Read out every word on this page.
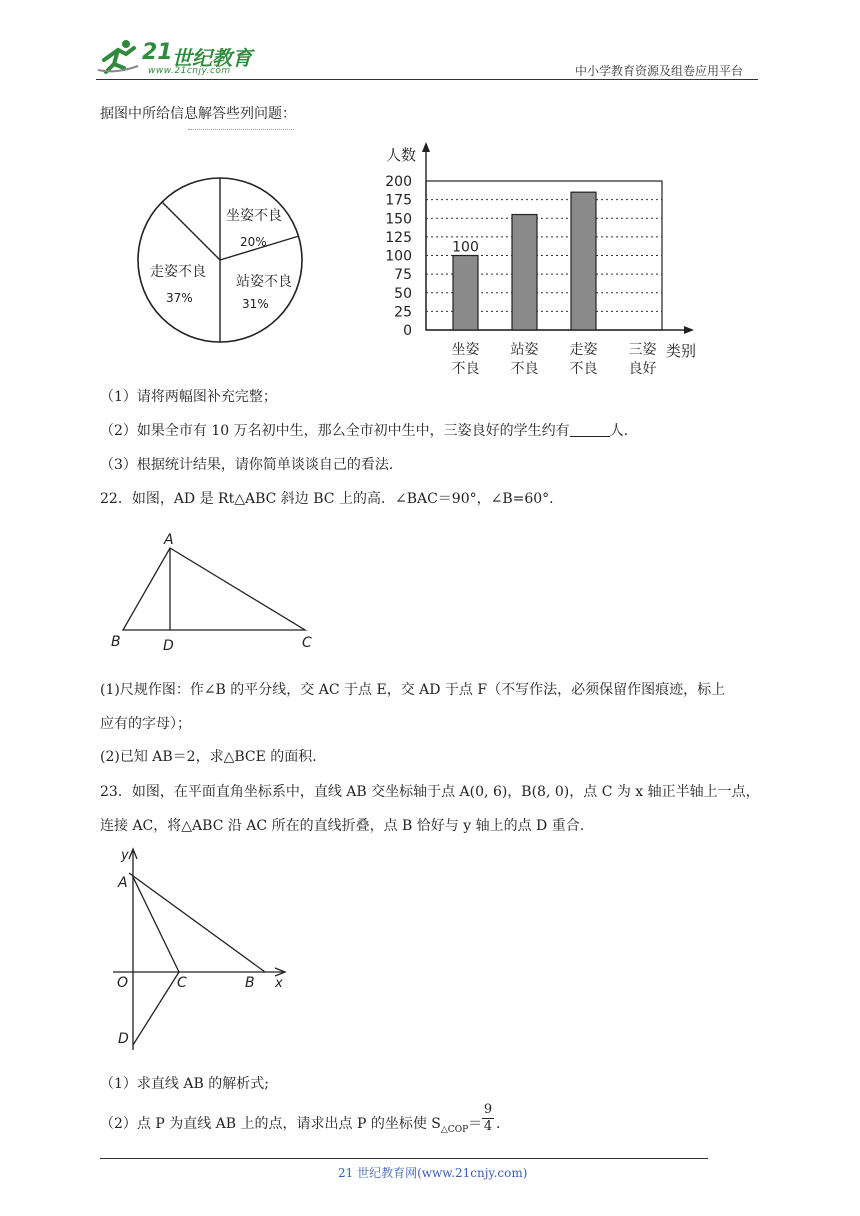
21 世纪教育
www.21cnjy.com	中小学教育资源及组卷应用平台
据图中所给信息解答些列问题：
坐姿不良
20%
站姿不良
31%
走姿不良
37%
人数
200
175
150
125
100
75
50
25
0
100
坐姿
不良
站姿
不良
走姿
不良
三姿
良好
类别
（1）请将两幅图补充完整；
（2）如果全市有 10 万名初中生，那么全市初中生中，三姿良好的学生约有	人.
（3）根据统计结果，请你简单谈谈自己的看法.
22．如图，AD 是 Rt△ABC 斜边 BC 上的高．∠BAC＝90°，∠B=60°．
A
B	D	C
(1)尺规作图：作∠B 的平分线，交 AC 于点 E，交 AD 于点 F（不写作法，必须保留作图痕迹，标上
应有的字母）；
(2)已知 AB＝2，求△BCE 的面积.
23．如图，在平面直角坐标系中，直线 AB 交坐标轴于点 A(0, 6)，B(8, 0)，点 C 为 x 轴正半轴上一点，
连接 AC，将△ABC 沿 AC 所在的直线折叠，点 B 恰好与 y 轴上的点 D 重合.
y
A
O	C	B x
D
（1）求直线 AB 的解析式;
（2）点 P 为直线 AB 上的点，请求出点 P 的坐标使 $S_{\triangle COP}= \frac{9}{4}$ .
21 世纪教育网(www.21cnjy.com)
